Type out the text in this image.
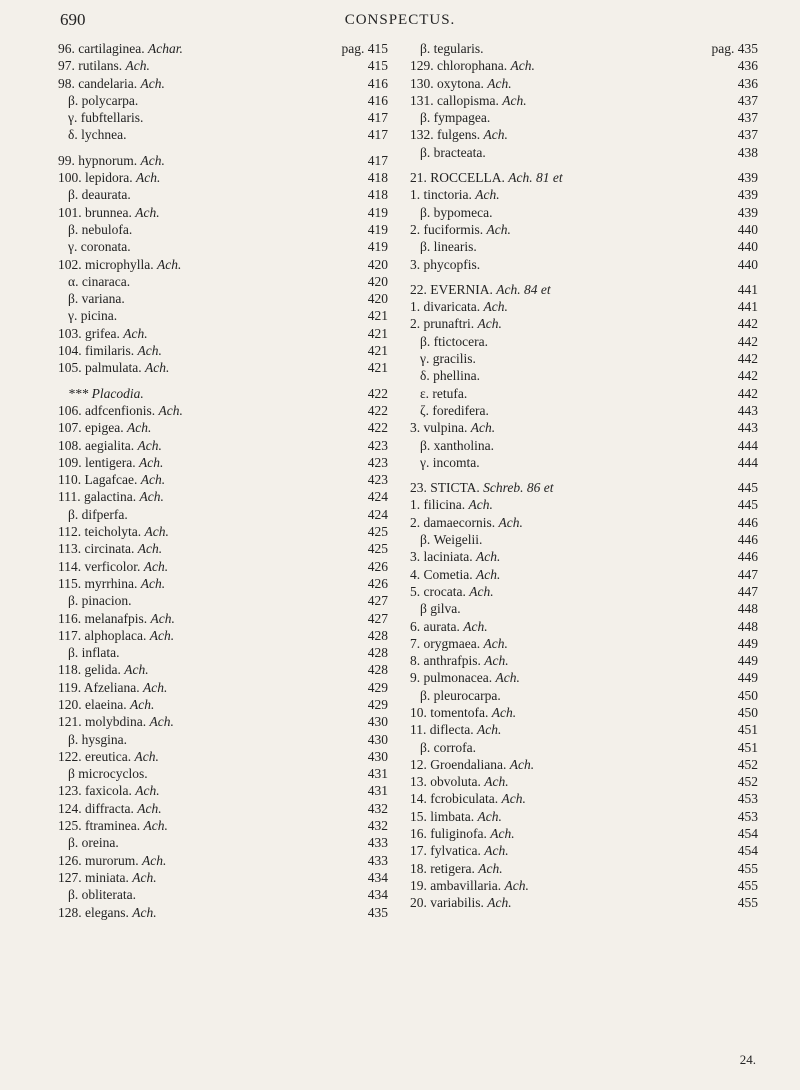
690	CONSPECTUS.
96. cartilaginea. Achar.	pag. 415
97. rutilans. Ach.	415
98. candelaria. Ach.	416
β. polycarpa.	416
γ. fubftellaris.	417
δ. lychnea.	417
99. hypnorum. Ach.	417
100. lepidora. Ach.	418
β. deaurata.	418
101. brunnea. Ach.	419
β. nebulofa.	419
γ. coronata.	419
102. microphylla. Ach.	420
α. cinaraca.	420
β. variana.	420
γ. picina.	421
103. grifea. Ach.	421
104. fimilaris. Ach.	421
105. palmulata. Ach.	421
*** Placodia.	422
106. adfcenfionis. Ach.	422
107. epigea. Ach.	422
108. aegialita. Ach.	423
109. lentigera. Ach.	423
110. Lagafcae. Ach.	423
111. galactina. Ach.	424
β. difperfa.	424
112. teicholyta. Ach.	425
113. circinata. Ach.	425
114. verficolor. Ach.	426
115. myrrhina. Ach.	426
β. pinacion.	427
116. melanafpis. Ach.	427
117. alphoplaca. Ach.	428
β. inflata.	428
118. gelida. Ach.	428
119. Afzeliana. Ach.	429
120. elaeina. Ach.	429
121. molybdina. Ach.	430
β. hysgina.	430
122. ereutica. Ach.	430
β microcyclos.	431
123. faxicola. Ach.	431
124. diffracta. Ach.	432
125. ftraminea. Ach.	432
β. oreina.	433
126. murorum. Ach.	433
127. miniata. Ach.	434
β. obliterata.	434
128. elegans. Ach.	435
β. tegularis.	pag. 435
129. chlorophana. Ach.	436
130. oxytona. Ach.	436
131. callopisma. Ach.	437
β. fympagea.	437
132. fulgens. Ach.	437
β. bracteata.	438
21. ROCCELLA. Ach. 81 et	439
1. tinctoria. Ach.	439
β. bypomeca.	439
2. fuciformis. Ach.	440
β. linearis.	440
3. phycopfis.	440
22. EVERNIA. Ach. 84 et	441
1. divaricata. Ach.	441
2. prunaftri. Ach.	442
β. ftictocera.	442
γ. gracilis.	442
δ. phellina.	442
ε. retufa.	442
ζ. foredifera.	443
3. vulpina. Ach.	443
β. xantholina.	444
γ. incomta.	444
23. STICTA. Schreb. 86 et	445
1. filicina. Ach.	445
2. damaecornis. Ach.	446
β. Weigelii.	446
3. laciniata. Ach.	446
4. Cometia. Ach.	447
5. crocata. Ach.	447
β gilva.	448
6. aurata. Ach.	448
7. orygmaea. Ach.	449
8. anthrafpis. Ach.	449
9. pulmonacea. Ach.	449
β. pleurocarpa.	450
10. tomentofa. Ach.	450
11. diflecta. Ach.	451
β. corrofa.	451
12. Groendaliana. Ach.	452
13. obvoluta. Ach.	452
14. fcrobiculata. Ach.	453
15. limbata. Ach.	453
16. fuliginofa. Ach.	454
17. fylvatica. Ach.	454
18. retigera. Ach.	455
19. ambavillaria. Ach.	455
20. variabilis. Ach.	455
24.
